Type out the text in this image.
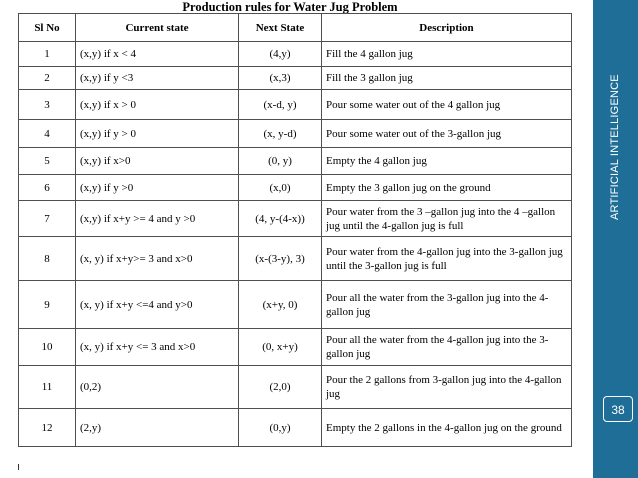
Production rules for Water Jug Problem
Sl No	Current state	Next State	Description
1	(x,y) if x < 4	(4,y)	Fill the 4 gallon jug
2	(x,y) if y <3	(x,3)	Fill the 3 gallon jug
3	(x,y) if x > 0	(x-d, y)	Pour some water out of the 4 gallon jug
4	(x,y) if y > 0	(x, y-d)	Pour some water out of the 3-gallon jug
5	(x,y) if x>0	(0, y)	Empty the 4 gallon jug
6	(x,y) if y >0	(x,0)	Empty the 3 gallon jug on the ground
7	(x,y) if x+y >= 4 and y >0	(4, y-(4-x))	Pour water from the 3 –gallon jug into the 4 –gallon jug until the 4-gallon jug is full
8	(x, y) if x+y>= 3 and x>0	(x-(3-y), 3)	Pour water from the 4-gallon jug into the 3-gallon jug until the 3-gallon jug is full
9	(x, y) if x+y <=4 and y>0	(x+y, 0)	Pour all the water from the 3-gallon jug into the 4-gallon jug
10	(x, y) if x+y <= 3 and x>0	(0, x+y)	Pour all the water from the 4-gallon jug into the 3-gallon jug
11	(0,2)	(2,0)	Pour the 2 gallons from 3-gallon jug into the 4-gallon jug
12	(2,y)	(0,y)	Empty the 2 gallons in the 4-gallon jug on the ground
ARTIFICIAL INTELLIGENCE
38
